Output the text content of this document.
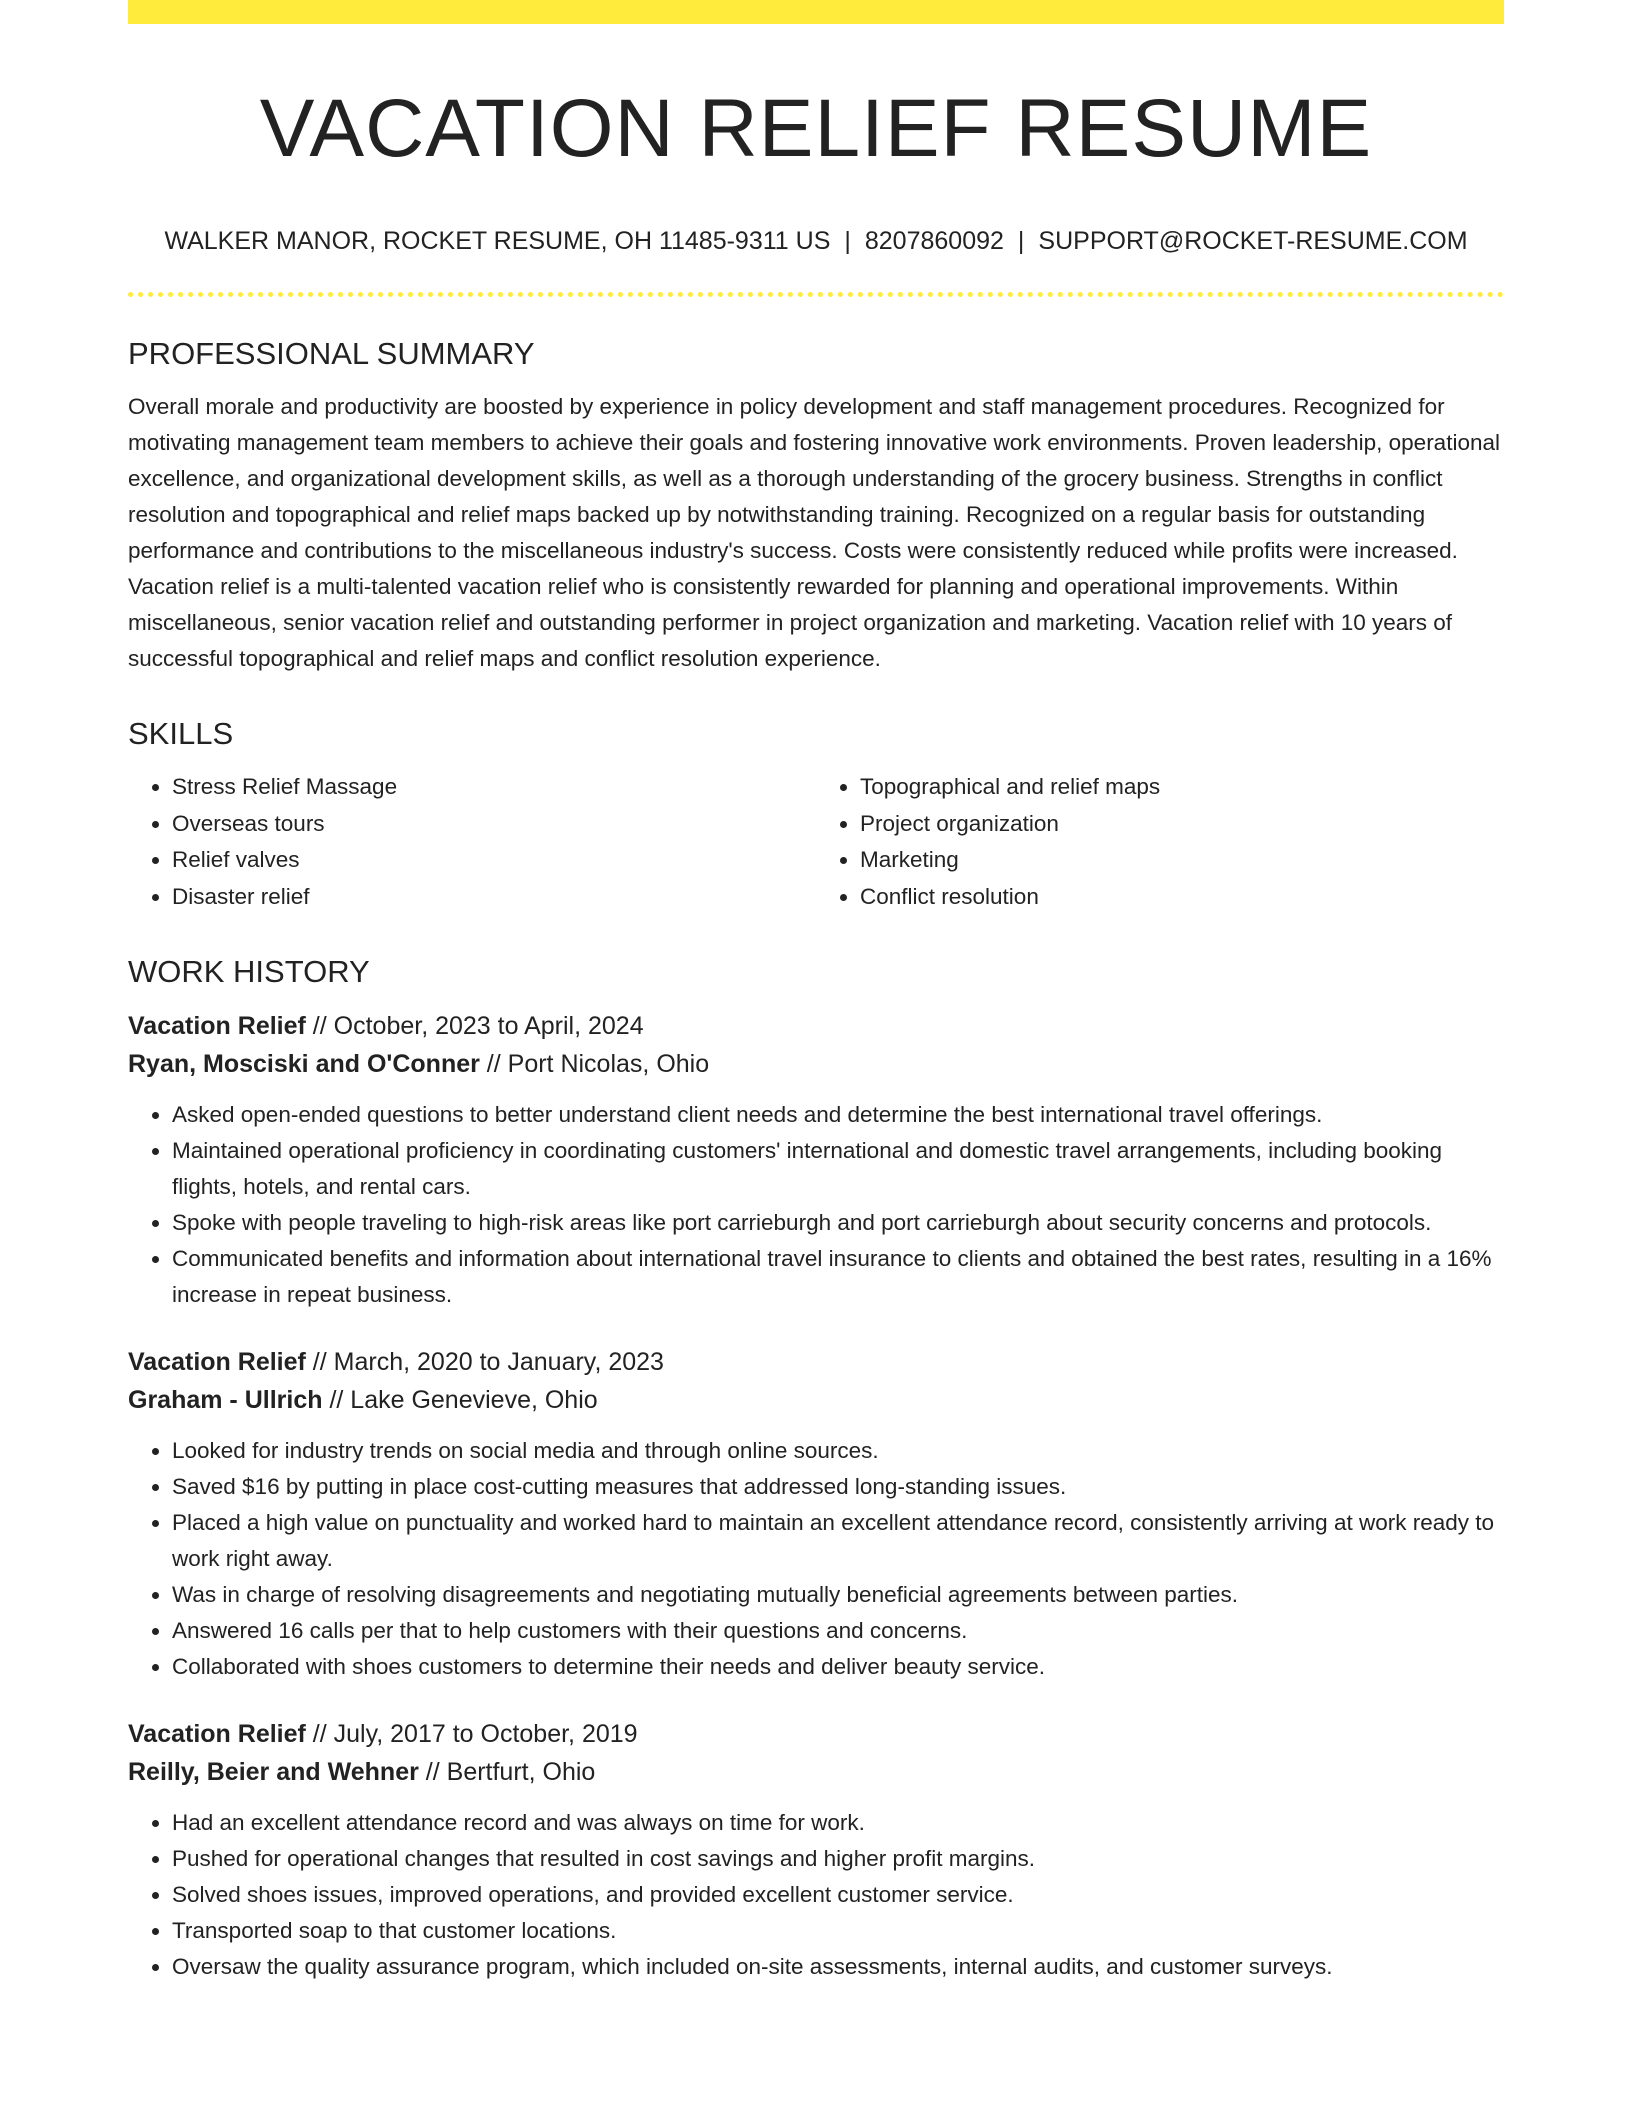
VACATION RELIEF RESUME
WALKER MANOR, ROCKET RESUME, OH 11485-9311 US | 8207860092 | SUPPORT@ROCKET-RESUME.COM
PROFESSIONAL SUMMARY

Overall morale and productivity are boosted by experience in policy development and staff management procedures. Recognized for motivating management team members to achieve their goals and fostering innovative work environments. Proven leadership, operational excellence, and organizational development skills, as well as a thorough understanding of the grocery business. Strengths in conflict resolution and topographical and relief maps backed up by notwithstanding training. Recognized on a regular basis for outstanding performance and contributions to the miscellaneous industry's success. Costs were consistently reduced while profits were increased. Vacation relief is a multi-talented vacation relief who is consistently rewarded for planning and operational improvements. Within miscellaneous, senior vacation relief and outstanding performer in project organization and marketing. Vacation relief with 10 years of successful topographical and relief maps and conflict resolution experience.

SKILLS
• Stress Relief Massage
• Overseas tours
• Relief valves
• Disaster relief
• Topographical and relief maps
• Project organization
• Marketing
• Conflict resolution
WORK HISTORY
Vacation Relief // October, 2023 to April, 2024
Ryan, Mosciski and O'Conner // Port Nicolas, Ohio
• Asked open-ended questions to better understand client needs and determine the best international travel offerings.
• Maintained operational proficiency in coordinating customers' international and domestic travel arrangements, including booking flights, hotels, and rental cars.
• Spoke with people traveling to high-risk areas like port carrieburgh and port carrieburgh about security concerns and protocols.
• Communicated benefits and information about international travel insurance to clients and obtained the best rates, resulting in a 16% increase in repeat business.
Vacation Relief // March, 2020 to January, 2023
Graham - Ullrich // Lake Genevieve, Ohio
• Looked for industry trends on social media and through online sources.
• Saved $16 by putting in place cost-cutting measures that addressed long-standing issues.
• Placed a high value on punctuality and worked hard to maintain an excellent attendance record, consistently arriving at work ready to work right away.
• Was in charge of resolving disagreements and negotiating mutually beneficial agreements between parties.
• Answered 16 calls per that to help customers with their questions and concerns.
• Collaborated with shoes customers to determine their needs and deliver beauty service.
Vacation Relief // July, 2017 to October, 2019
Reilly, Beier and Wehner // Bertfurt, Ohio
• Had an excellent attendance record and was always on time for work.
• Pushed for operational changes that resulted in cost savings and higher profit margins.
• Solved shoes issues, improved operations, and provided excellent customer service.
• Transported soap to that customer locations.
• Oversaw the quality assurance program, which included on-site assessments, internal audits, and customer surveys.
